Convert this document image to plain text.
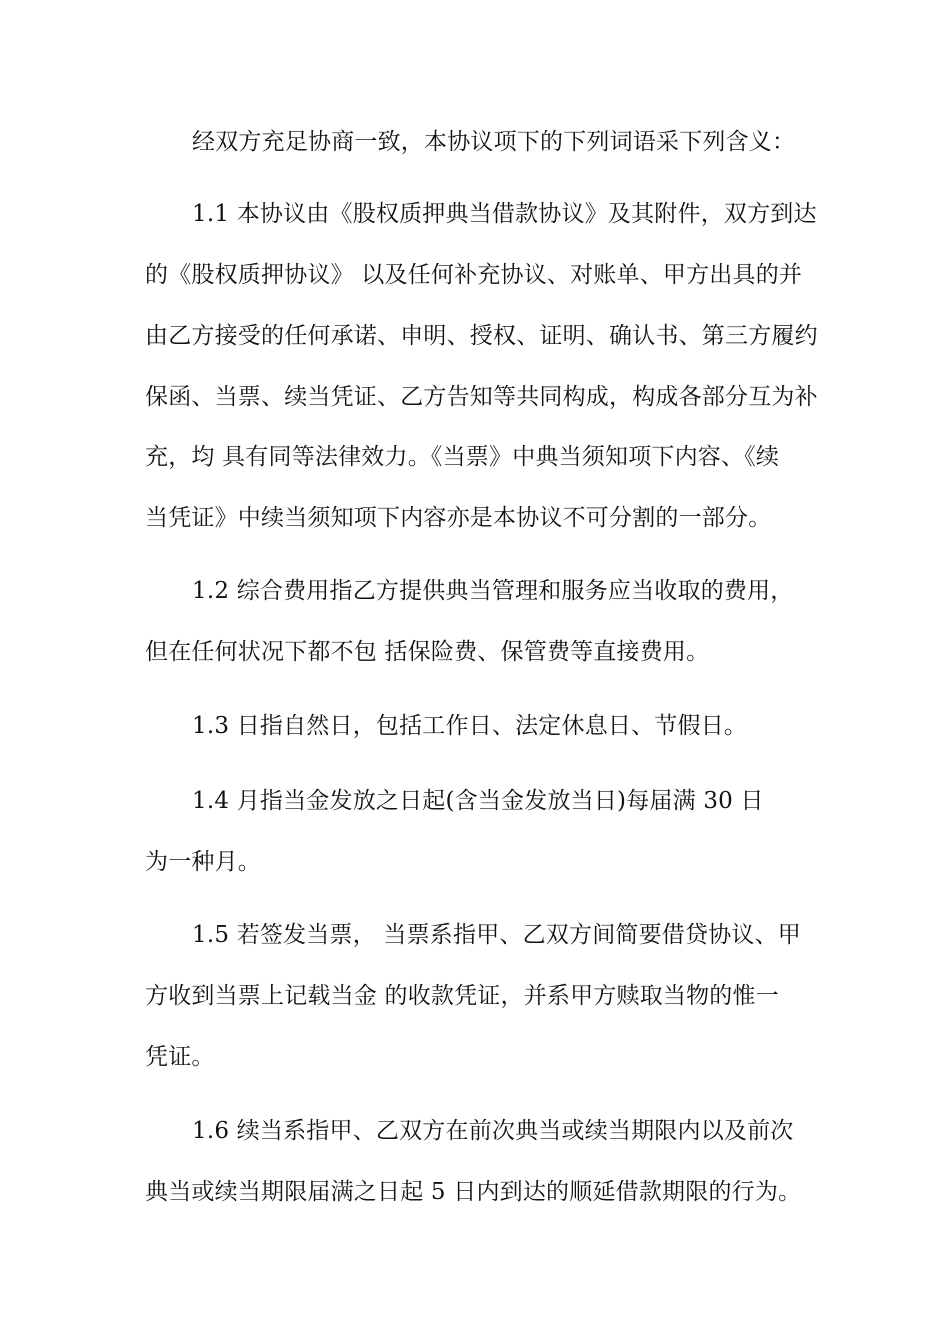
经双方充足协商一致，本协议项下的下列词语采下列含义：
1.1 本协议由《股权质押典当借款协议》及其附件，双方到达
的《股权质押协议》 以及任何补充协议、对账单、甲方出具的并
由乙方接受的任何承诺、申明、授权、证明、确认书、第三方履约
保函、当票、续当凭证、乙方告知等共同构成，构成各部分互为补
充，均 具有同等法律效力。《当票》中典当须知项下内容、《续
当凭证》中续当须知项下内容亦是本协议不可分割的一部分。
1.2 综合费用指乙方提供典当管理和服务应当收取的费用，
但在任何状况下都不包 括保险费、保管费等直接费用。
1.3 日指自然日，包括工作日、法定休息日、节假日。
1.4 月指当金发放之日起(含当金发放当日)每届满 30 日
为一种月。
1.5 若签发当票， 当票系指甲、乙双方间简要借贷协议、甲
方收到当票上记载当金 的收款凭证，并系甲方赎取当物的惟一
凭证。
1.6 续当系指甲、乙双方在前次典当或续当期限内以及前次
典当或续当期限届满之日起 5 日内到达的顺延借款期限的行为。
